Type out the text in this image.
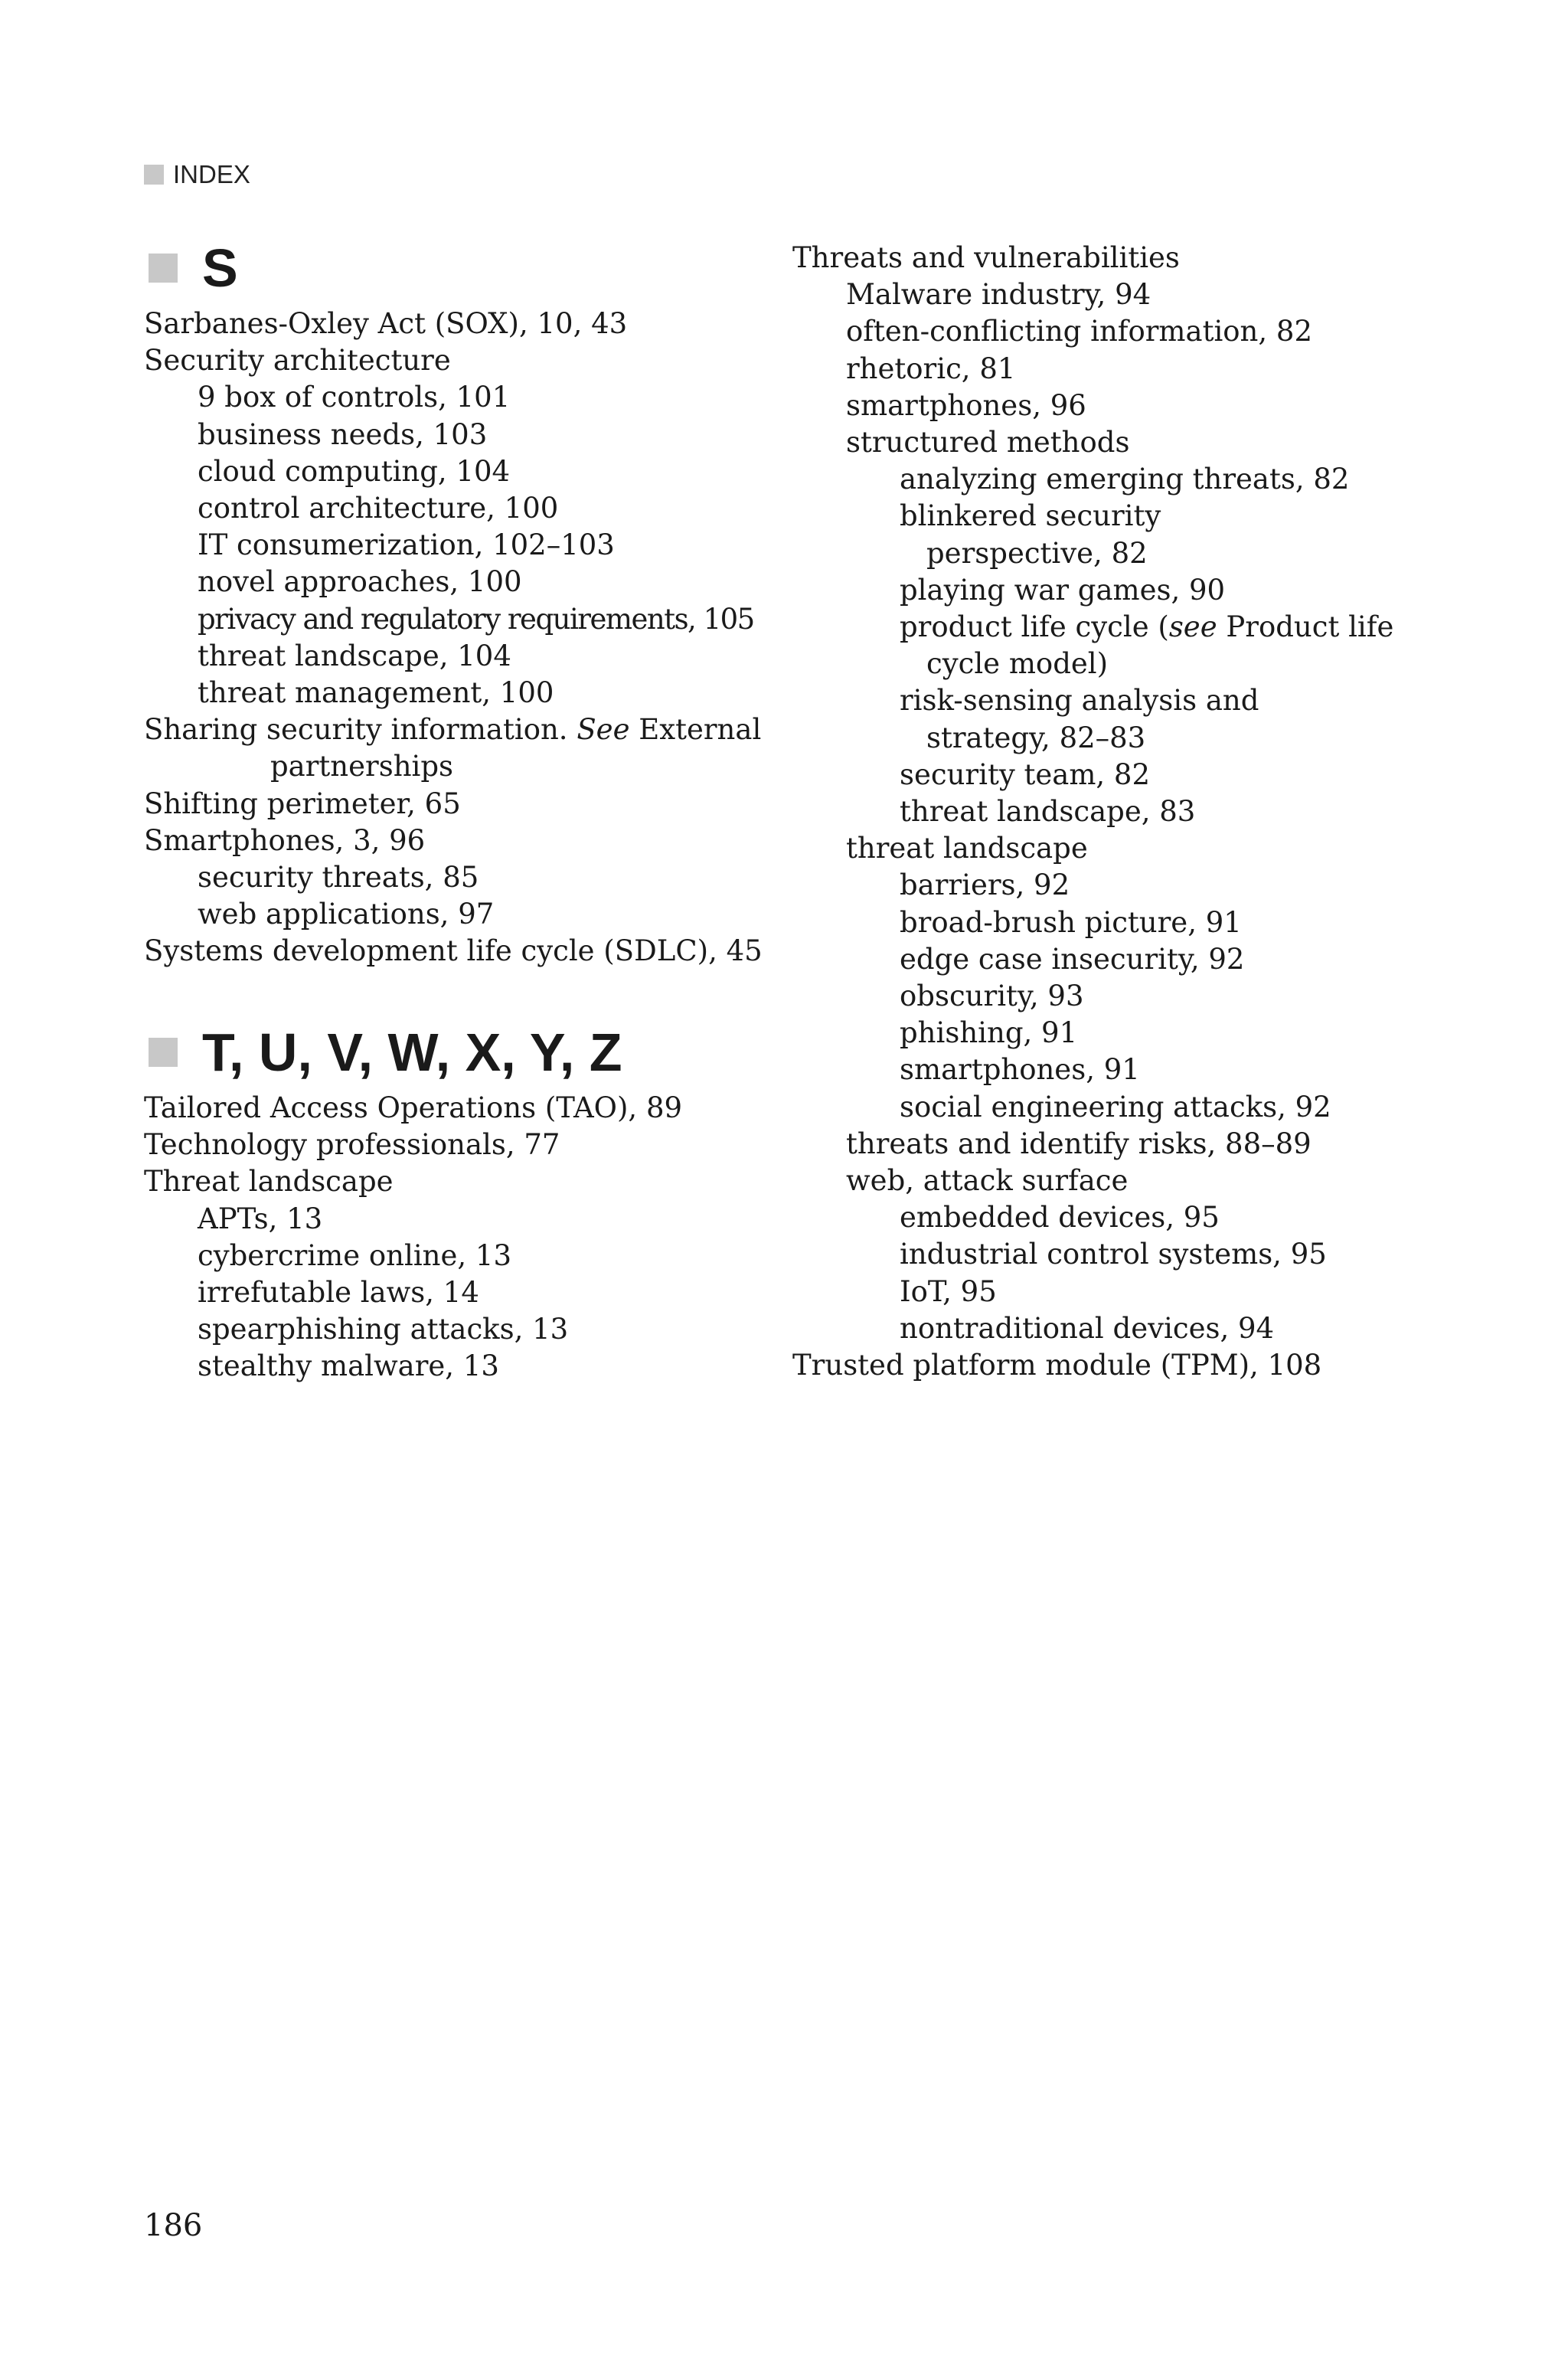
INDEX
S
Sarbanes-Oxley Act (SOX), 10, 43
Security architecture
9 box of controls, 101
business needs, 103
cloud computing, 104
control architecture, 100
IT consumerization, 102–103
novel approaches, 100
privacy and regulatory requirements, 105
threat landscape, 104
threat management, 100
Sharing security information. See External
partnerships
Shifting perimeter, 65
Smartphones, 3, 96
security threats, 85
web applications, 97
Systems development life cycle (SDLC), 45
T, U, V, W, X, Y, Z
Tailored Access Operations (TAO), 89
Technology professionals, 77
Threat landscape
APTs, 13
cybercrime online, 13
irrefutable laws, 14
spearphishing attacks, 13
stealthy malware, 13
Threats and vulnerabilities
Malware industry, 94
often-conflicting information, 82
rhetoric, 81
smartphones, 96
structured methods
analyzing emerging threats, 82
blinkered security
perspective, 82
playing war games, 90
product life cycle (see Product life
cycle model)
risk-sensing analysis and
strategy, 82–83
security team, 82
threat landscape, 83
threat landscape
barriers, 92
broad-brush picture, 91
edge case insecurity, 92
obscurity, 93
phishing, 91
smartphones, 91
social engineering attacks, 92
threats and identify risks, 88–89
web, attack surface
embedded devices, 95
industrial control systems, 95
IoT, 95
nontraditional devices, 94
Trusted platform module (TPM), 108
186
